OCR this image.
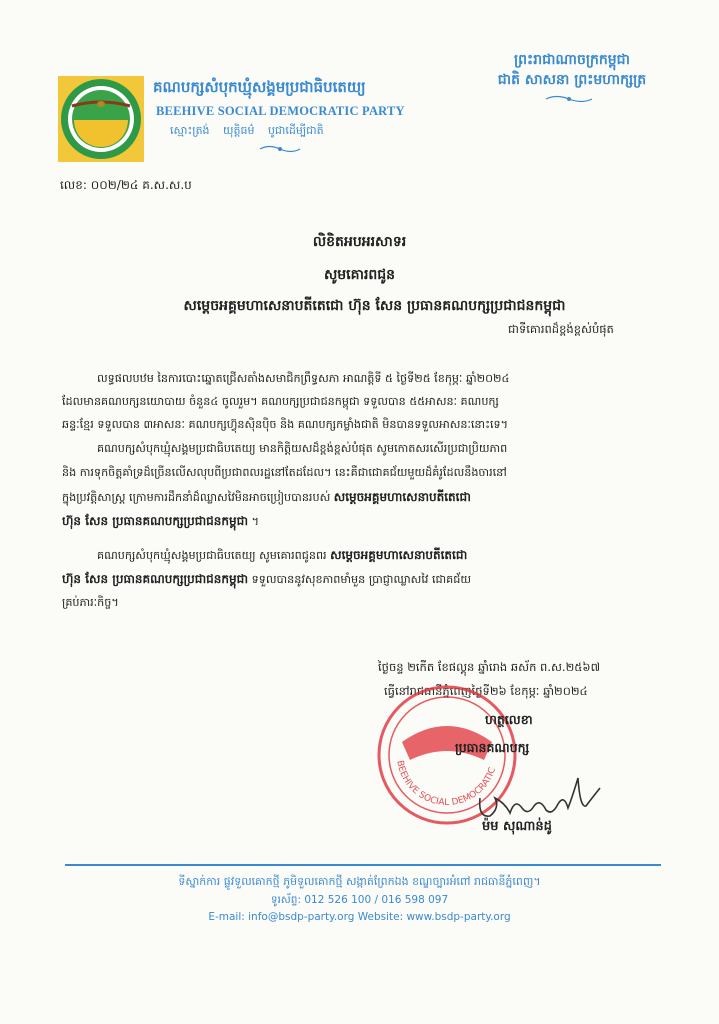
គណបក្សសំបុកឃ្មុំសង្គមប្រជាធិបតេយ្យ
BEEHIVE SOCIAL DEMOCRATIC PARTY
ស្មោះត្រង់ យុត្តិធម៌ បូជាដើម្បីជាតិ
ព្រះរាជាណាចក្រកម្ពុជា
ជាតិ សាសនា ព្រះមហាក្សត្រ
លេខ: ០០២/២៤ គ.ស.ស.ប
លិខិតអបអរសាទរ
សូមគោរពជូន
សម្តេចអគ្គមហាសេនាបតីតេជោ ហ៊ុន សែន ប្រធានគណបក្សប្រជាជនកម្ពុជា
ជាទីគោរពដ៏ខ្ពង់ខ្ពស់បំផុត
លទ្ធផលបឋម នៃការបោះឆ្នោតជ្រើសតាំងសមាជិកព្រឹទ្ធសភា អាណត្តិទី ៥ ថ្ងៃទី២៥ ខែកុម្ភៈ ឆ្នាំ២០២៤
ដែលមានគណបក្សនយោបាយ ចំនួន៤ ចូលរួម។ គណបក្សប្រជាជនកម្ពុជា ទទួលបាន ៥៥អាសនៈ គណបក្ស
ឆន្ទៈខ្មែរ ទទួលបាន ៣អាសនៈ គណបក្សហ៊្វុនស៊ិនប៉ិច និង គណបក្សកម្លាំងជាតិ មិនបានទទួលអាសនៈនោះទេ។
គណបក្សសំបុកឃ្មុំសង្គមប្រជាធិបតេយ្យ មានកិត្តិយសដ៏ខ្ពង់ខ្ពស់បំផុត សូមកោតសរសើរប្រជាប្រិយភាព
និង ការទុកចិត្តគាំទ្រដ៏ច្រើនលើសលុបពីប្រជាពលរដ្ឋនៅតែដដែល។ នេះគឺជាជោគជ័យមួយដ៏គំរូដែលនឹងចារនៅ
ក្នុងប្រវត្តិសាស្ត្រ ក្រោមការដឹកនាំដ៏ឈ្លាសវៃមិនអាចប្រៀបបានរបស់ សម្តេចអគ្គមហាសេនាបតីតេជោ
ហ៊ុន សែន ប្រធានគណបក្សប្រជាជនកម្ពុជា ។
គណបក្សសំបុកឃ្មុំសង្គមប្រជាធិបតេយ្យ សូមគោរពជូនពរ សម្តេចអគ្គមហាសេនាបតីតេជោ
ហ៊ុន សែន ប្រធានគណបក្សប្រជាជនកម្ពុជា ទទួលបាននូវសុខភាពមាំមួន ប្រាជ្ញាឈ្លាសវៃ ជោគជ័យ
គ្រប់ភារៈកិច្ច។
ថ្ងៃចន្ទ ២កើត ខែផល្គុន ឆ្នាំរោង ឆស័ក ព.ស.២៥៦៧
ធ្វើនៅរាជធានីភ្នំពេញថ្ងៃទី២៦ ខែកុម្ភៈ ឆ្នាំ២០២៤
BEEHIVE SOCIAL DEMOCRATIC
ហត្ថលេខា
ប្រធានគណបក្ស
ម៉ម សុណាន់ដូ
ទីស្នាក់ការ ផ្លូវទួលគោកថ្មី ភូមិទួលគោកថ្មី សង្កាត់ព្រែកឯង ខណ្ឌច្បារអំពៅ រាជធានីភ្នំពេញ។
ទូរស័ព្ទ: 012 526 100 / 016 598 097
E-mail: info@bsdp-party.org Website: www.bsdp-party.org
